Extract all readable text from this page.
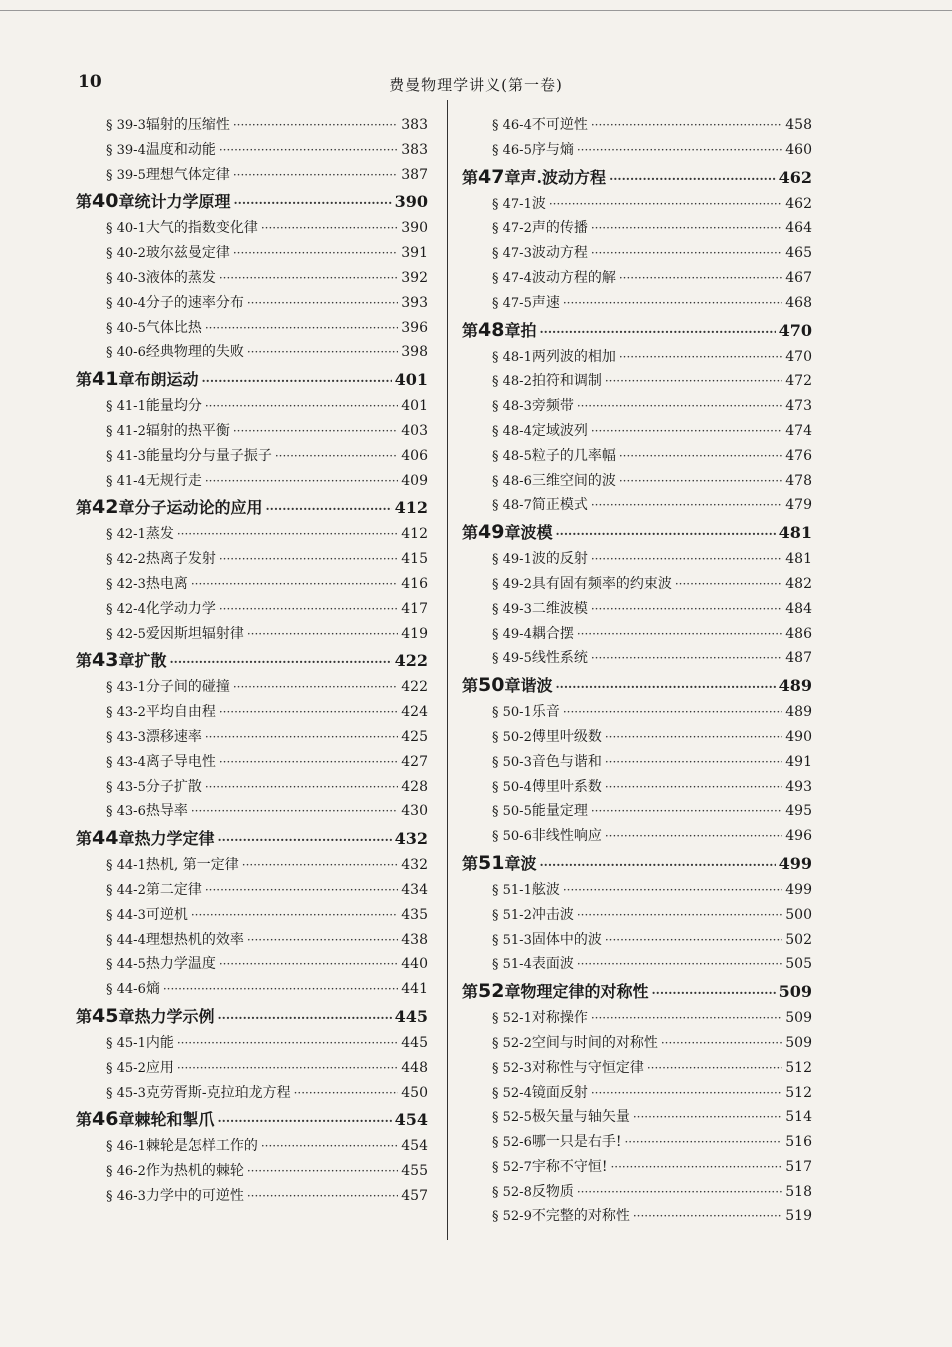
10	费曼物理学讲义(第一卷)
§ 39-3 辐射的压缩性 ·····	383
§ 39-4 温度和动能 ·····	383
§ 39-5 理想气体定律 ·····	387
第40章 统计力学原理 ·····	390
§ 40-1 大气的指数变化律 ·····	390
§ 40-2 玻尔兹曼定律 ·····	391
§ 40-3 液体的蒸发 ·····	392
§ 40-4 分子的速率分布 ·····	393
§ 40-5 气体比热 ·····	396
§ 40-6 经典物理的失败 ·····	398
第41章 布朗运动 ·····	401
§ 41-1 能量均分 ·····	401
§ 41-2 辐射的热平衡 ·····	403
§ 41-3 能量均分与量子振子 ·····	406
§ 41-4 无规行走 ·····	409
第42章 分子运动论的应用 ·····	412
§ 42-1 蒸发 ·····	412
§ 42-2 热离子发射 ·····	415
§ 42-3 热电离 ·····	416
§ 42-4 化学动力学 ·····	417
§ 42-5 爱因斯坦辐射律 ·····	419
第43章 扩散 ·····	422
§ 43-1 分子间的碰撞 ·····	422
§ 43-2 平均自由程 ·····	424
§ 43-3 漂移速率 ·····	425
§ 43-4 离子导电性 ·····	427
§ 43-5 分子扩散 ·····	428
§ 43-6 热导率 ·····	430
第44章 热力学定律 ·····	432
§ 44-1 热机, 第一定律 ·····	432
§ 44-2 第二定律 ·····	434
§ 44-3 可逆机 ·····	435
§ 44-4 理想热机的效率 ·····	438
§ 44-5 热力学温度 ·····	440
§ 44-6 熵 ·····	441
第45章 热力学示例 ·····	445
§ 45-1 内能 ·····	445
§ 45-2 应用 ·····	448
§ 45-3 克劳胥斯-克拉珀龙方程 ·····	450
第46章 棘轮和掣爪 ·····	454
§ 46-1 棘轮是怎样工作的 ·····	454
§ 46-2 作为热机的棘轮 ·····	455
§ 46-3 力学中的可逆性 ·····	457
§ 46-4 不可逆性 ·····	458
§ 46-5 序与熵 ·····	460
第47章 声.波动方程 ·····	462
§ 47-1 波 ·····	462
§ 47-2 声的传播 ·····	464
§ 47-3 波动方程 ·····	465
§ 47-4 波动方程的解 ·····	467
§ 47-5 声速 ·····	468
第48章 拍 ·····	470
§ 48-1 两列波的相加 ·····	470
§ 48-2 拍符和调制 ·····	472
§ 48-3 旁频带 ·····	473
§ 48-4 定域波列 ·····	474
§ 48-5 粒子的几率幅 ·····	476
§ 48-6 三维空间的波 ·····	478
§ 48-7 简正模式 ·····	479
第49章 波模 ·····	481
§ 49-1 波的反射 ·····	481
§ 49-2 具有固有频率的约束波 ·····	482
§ 49-3 二维波模 ·····	484
§ 49-4 耦合摆 ·····	486
§ 49-5 线性系统 ·····	487
第50章 谐波 ·····	489
§ 50-1 乐音 ·····	489
§ 50-2 傅里叶级数 ·····	490
§ 50-3 音色与谐和 ·····	491
§ 50-4 傅里叶系数 ·····	493
§ 50-5 能量定理 ·····	495
§ 50-6 非线性响应 ·····	496
第51章 波 ·····	499
§ 51-1 舷波 ·····	499
§ 51-2 冲击波 ·····	500
§ 51-3 固体中的波 ·····	502
§ 51-4 表面波 ·····	505
第52章 物理定律的对称性 ·····	509
§ 52-1 对称操作 ·····	509
§ 52-2 空间与时间的对称性 ·····	509
§ 52-3 对称性与守恒定律 ·····	512
§ 52-4 镜面反射 ·····	512
§ 52-5 极矢量与轴矢量 ·····	514
§ 52-6 哪一只是右手! ·····	516
§ 52-7 宇称不守恒! ·····	517
§ 52-8 反物质 ·····	518
§ 52-9 不完整的对称性 ·····	519
